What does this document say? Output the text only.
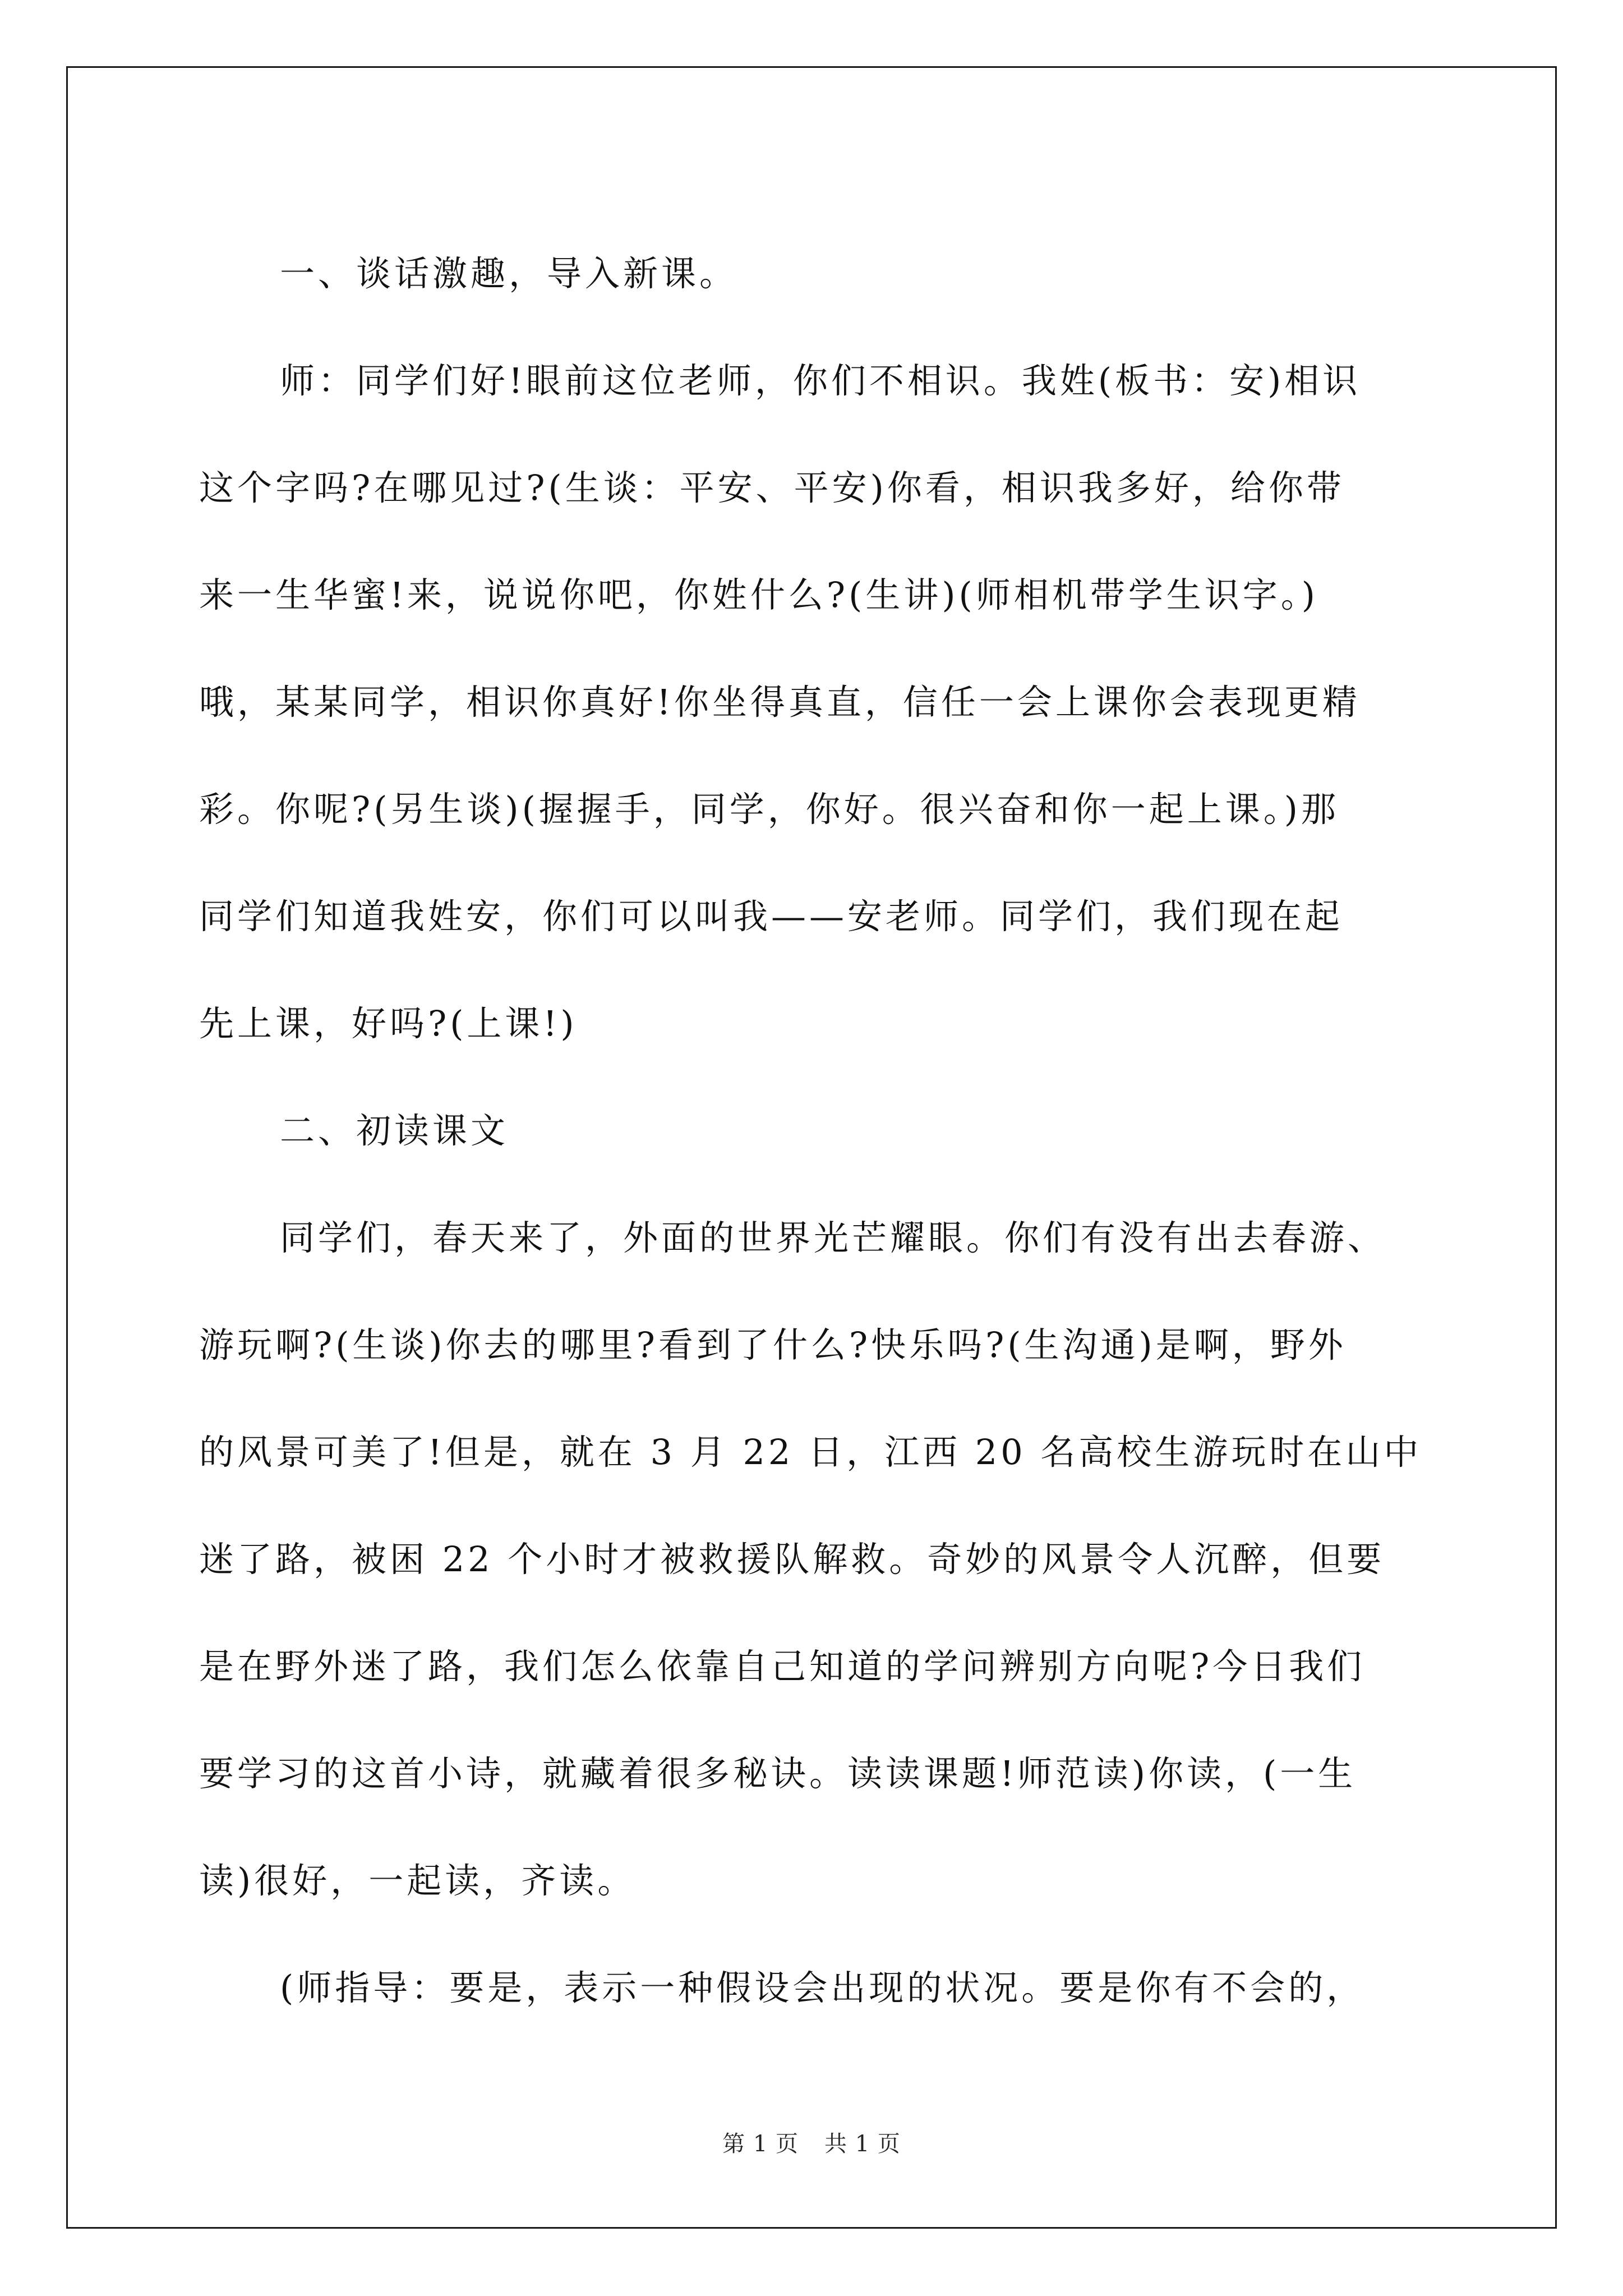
一、谈话激趣，导入新课。
师：同学们好!眼前这位老师，你们不相识。我姓(板书：安)相识
这个字吗?在哪见过?(生谈：平安、平安)你看，相识我多好，给你带
来一生华蜜!来，说说你吧，你姓什么?(生讲)(师相机带学生识字。)
哦，某某同学，相识你真好!你坐得真直，信任一会上课你会表现更精
彩。你呢?(另生谈)(握握手，同学，你好。很兴奋和你一起上课。)那
同学们知道我姓安，你们可以叫我——安老师。同学们，我们现在起
先上课，好吗?(上课!)
二、初读课文
同学们，春天来了，外面的世界光芒耀眼。你们有没有出去春游、
游玩啊?(生谈)你去的哪里?看到了什么?快乐吗?(生沟通)是啊，野外
的风景可美了!但是，就在 3 月 22 日，江西 20 名高校生游玩时在山中
迷了路，被困 22 个小时才被救援队解救。奇妙的风景令人沉醉，但要
是在野外迷了路，我们怎么依靠自己知道的学问辨别方向呢?今日我们
要学习的这首小诗，就藏着很多秘诀。读读课题!师范读)你读，(一生
读)很好，一起读，齐读。
(师指导：要是，表示一种假设会出现的状况。要是你有不会的，
第 1 页 共 1 页
